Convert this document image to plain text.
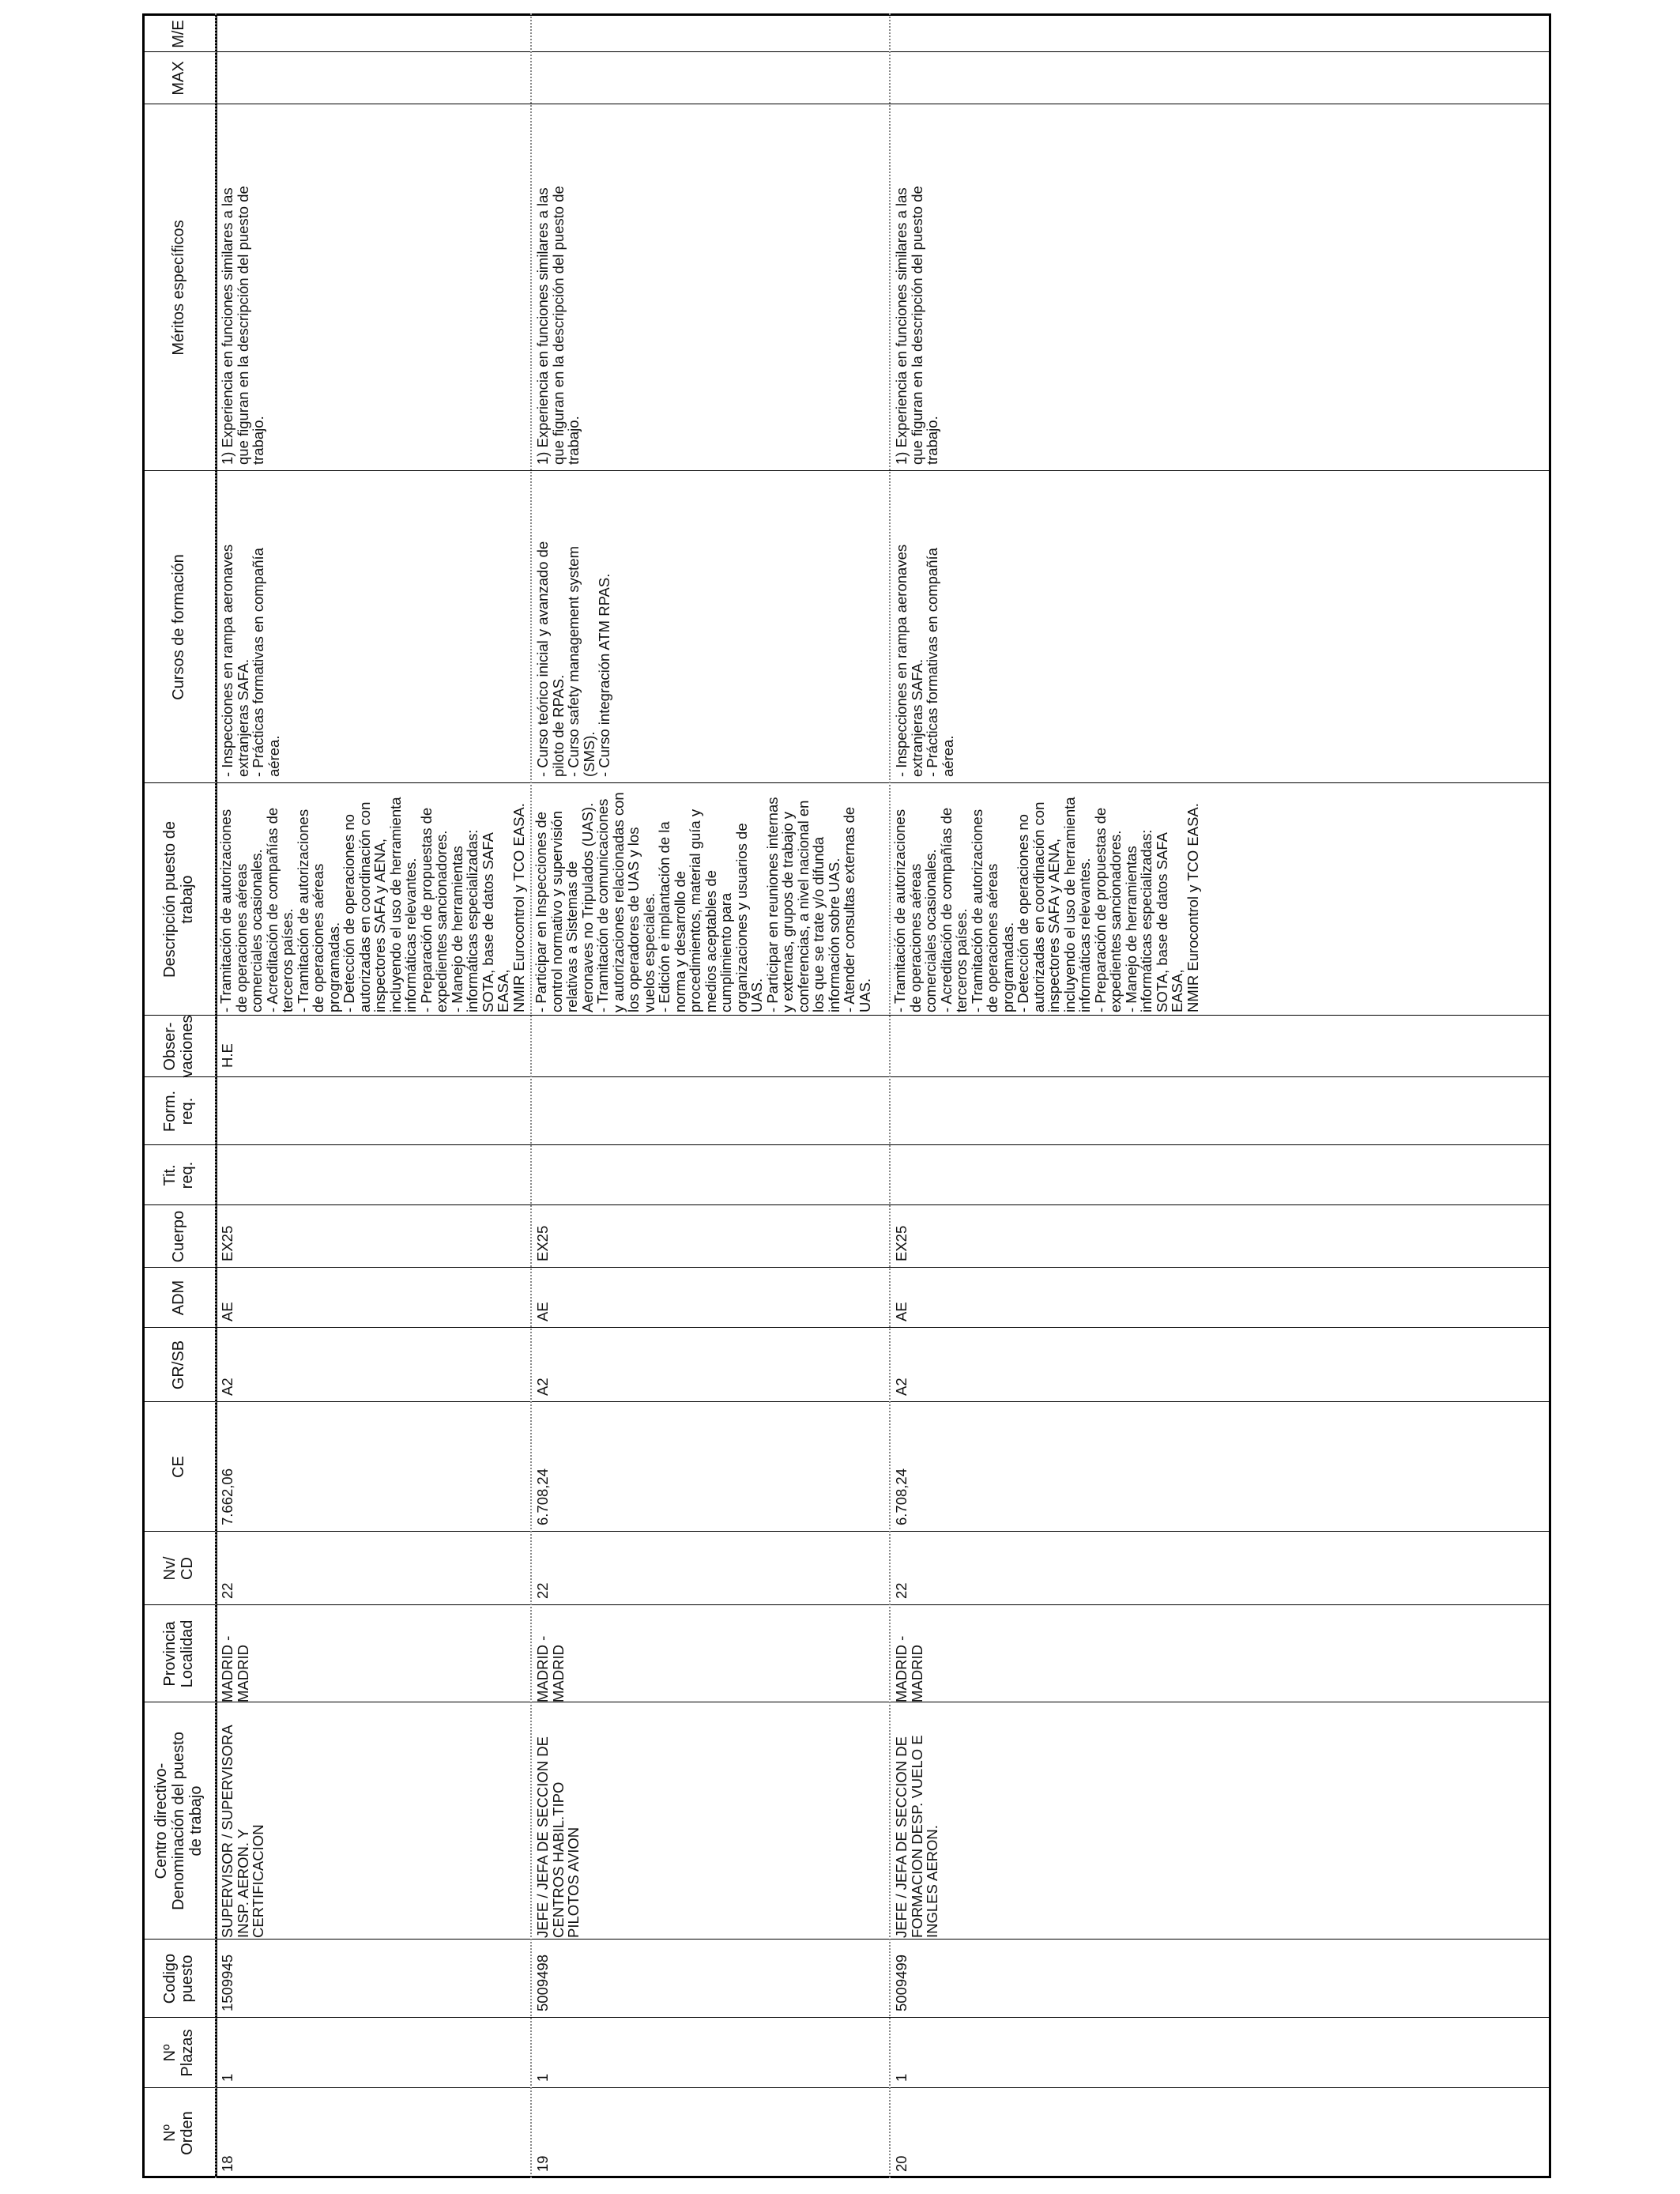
Nº
Orden
Nº
Plazas
Codigo
puesto
Centro directivo-
Denominación del puesto
de trabajo
Provincia
Localidad
Nv/
CD
CE
GR/SB
ADM
Cuerpo
Tit.
req.
Form.
req.
Obser-
vaciones
Descripción puesto de
trabajo
Cursos de formación
Méritos específicos
MAX
M/E
18
1
1509945
SUPERVISOR / SUPERVISORA
INSP. AERON. Y
CERTIFICACION
MADRID -
MADRID
22
7.662,06
A2
AE
EX25
H.E
- Tramitación de autorizaciones
de operaciones aéreas
comerciales ocasionales.
- Acreditación de compañías de
terceros países.
- Tramitación de autorizaciones
de operaciones aéreas
programadas.
- Detección de operaciones no
autorizadas en coordinación con
inspectores SAFA y AENA,
incluyendo el uso de herramienta
informáticas relevantes.
- Preparación de propuestas de
expedientes sancionadores.
- Manejo de herramientas
informáticas especializadas:
SOTA, base de datos SAFA EASA,
NMIR Eurocontrol y TCO EASA.
- Inspecciones en rampa aeronaves
extranjeras SAFA.
- Prácticas formativas en compañía
aérea.
1) Experiencia en funciones similares a las
que figuran en la descripción del puesto de
trabajo.
19
1
5009498
JEFE / JEFA DE SECCION DE
CENTROS HABIL.TIPO
PILOTOS AVION
MADRID -
MADRID
22
6.708,24
A2
AE
EX25
- Participar en Inspecciones de
control normativo y supervisión
relativas a Sistemas de
Aeronaves no Tripulados (UAS).
- Tramitación de comunicaciones
y autorizaciones relacionadas con
los operadores de UAS y los
vuelos especiales.
- Edición e implantación de la
norma y desarrollo de
procedimientos, material guía y
medios aceptables de
cumplimiento para
organizaciones y usuarios de
UAS.
- Participar en reuniones internas
y externas, grupos de trabajo y
conferencias, a nivel nacional en
los que se trate y/o difunda
información sobre UAS.
- Atender consultas externas de
UAS.
- Curso teórico inicial y avanzado de
piloto de RPAS.
- Curso safety management system
(SMS).
- Curso integración ATM RPAS.
1) Experiencia en funciones similares a las
que figuran en la descripción del puesto de
trabajo.
20
1
5009499
JEFE / JEFA DE SECCION DE
FORMACION DESP. VUELO E
INGLES AERON.
MADRID -
MADRID
22
6.708,24
A2
AE
EX25
- Tramitación de autorizaciones
de operaciones aéreas
comerciales ocasionales.
- Acreditación de compañías de
terceros países.
- Tramitación de autorizaciones
de operaciones aéreas
programadas.
- Detección de operaciones no
autorizadas en coordinación con
inspectores SAFA y AENA,
incluyendo el uso de herramienta
informáticas relevantes.
- Preparación de propuestas de
expedientes sancionadores.
- Manejo de herramientas
informáticas especializadas:
SOTA, base de datos SAFA EASA,
NMIR Eurocontrol y TCO EASA.
- Inspecciones en rampa aeronaves
extranjeras SAFA.
- Prácticas formativas en compañía
aérea.
1) Experiencia en funciones similares a las
que figuran en la descripción del puesto de
trabajo.
